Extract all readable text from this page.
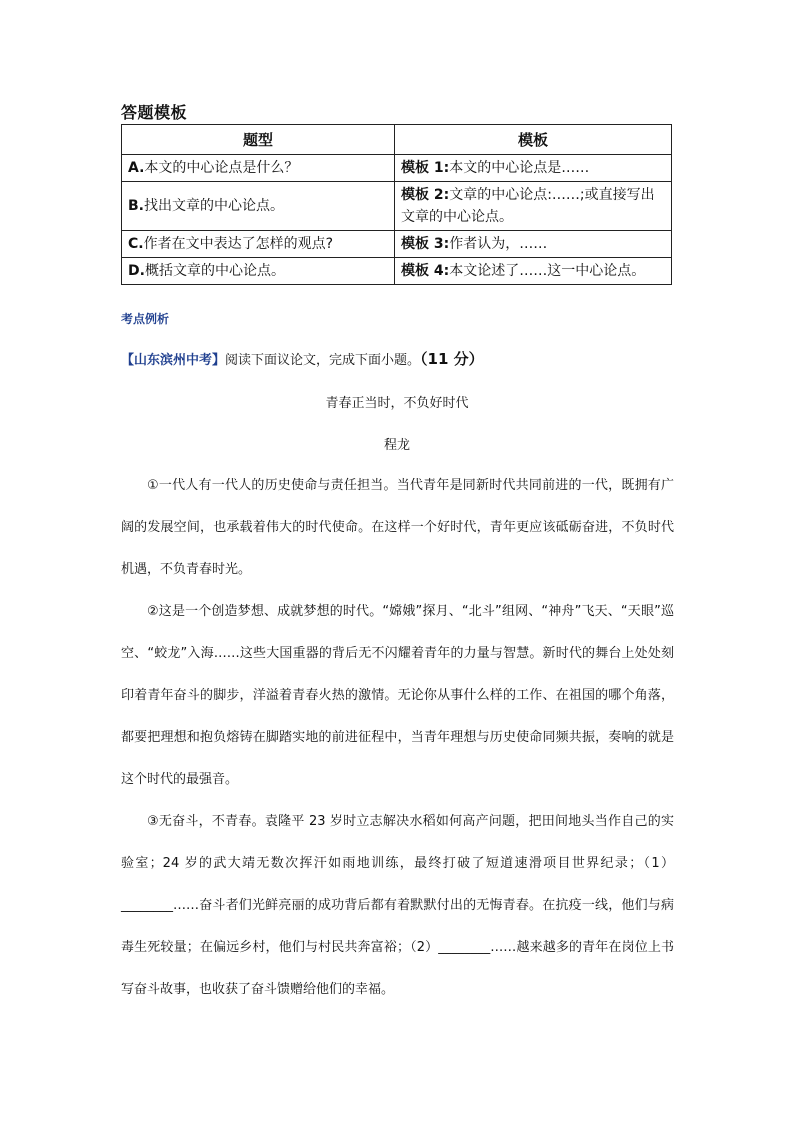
答题模板
题型	模板
A.本文的中心论点是什么？	模板 1:本文的中心论点是……
B.找出文章的中心论点。	模板 2:文章的中心论点:……;或直接写出文章的中心论点。
C.作者在文中表达了怎样的观点?	模板 3:作者认为，……
D.概括文章的中心论点。	模板 4:本文论述了……这一中心论点。
考点例析
【山东滨州中考】阅读下面议论文，完成下面小题。（11 分）
青春正当时，不负好时代
程龙
①一代人有一代人的历史使命与责任担当。当代青年是同新时代共同前进的一代，既拥有广阔的发展空间，也承载着伟大的时代使命。在这样一个好时代，青年更应该砥砺奋进，不负时代机遇，不负青春时光。
②这是一个创造梦想、成就梦想的时代。“嫦娥”探月、“北斗”组网、“神舟”飞天、“天眼”巡空、“蛟龙”入海……这些大国重器的背后无不闪耀着青年的力量与智慧。新时代的舞台上处处刻印着青年奋斗的脚步，洋溢着青春火热的激情。无论你从事什么样的工作、在祖国的哪个角落，都要把理想和抱负熔铸在脚踏实地的前进征程中，当青年理想与历史使命同频共振，奏响的就是这个时代的最强音。
③无奋斗，不青春。袁隆平 23 岁时立志解决水稻如何高产问题，把田间地头当作自己的实验室；24 岁的武大靖无数次挥汗如雨地训练，最终打破了短道速滑项目世界纪录；（1）________……奋斗者们光鲜亮丽的成功背后都有着默默付出的无悔青春。在抗疫一线，他们与病毒生死较量；在偏远乡村，他们与村民共奔富裕；（2）________……越来越多的青年在岗位上书写奋斗故事，也收获了奋斗馈赠给他们的幸福。
